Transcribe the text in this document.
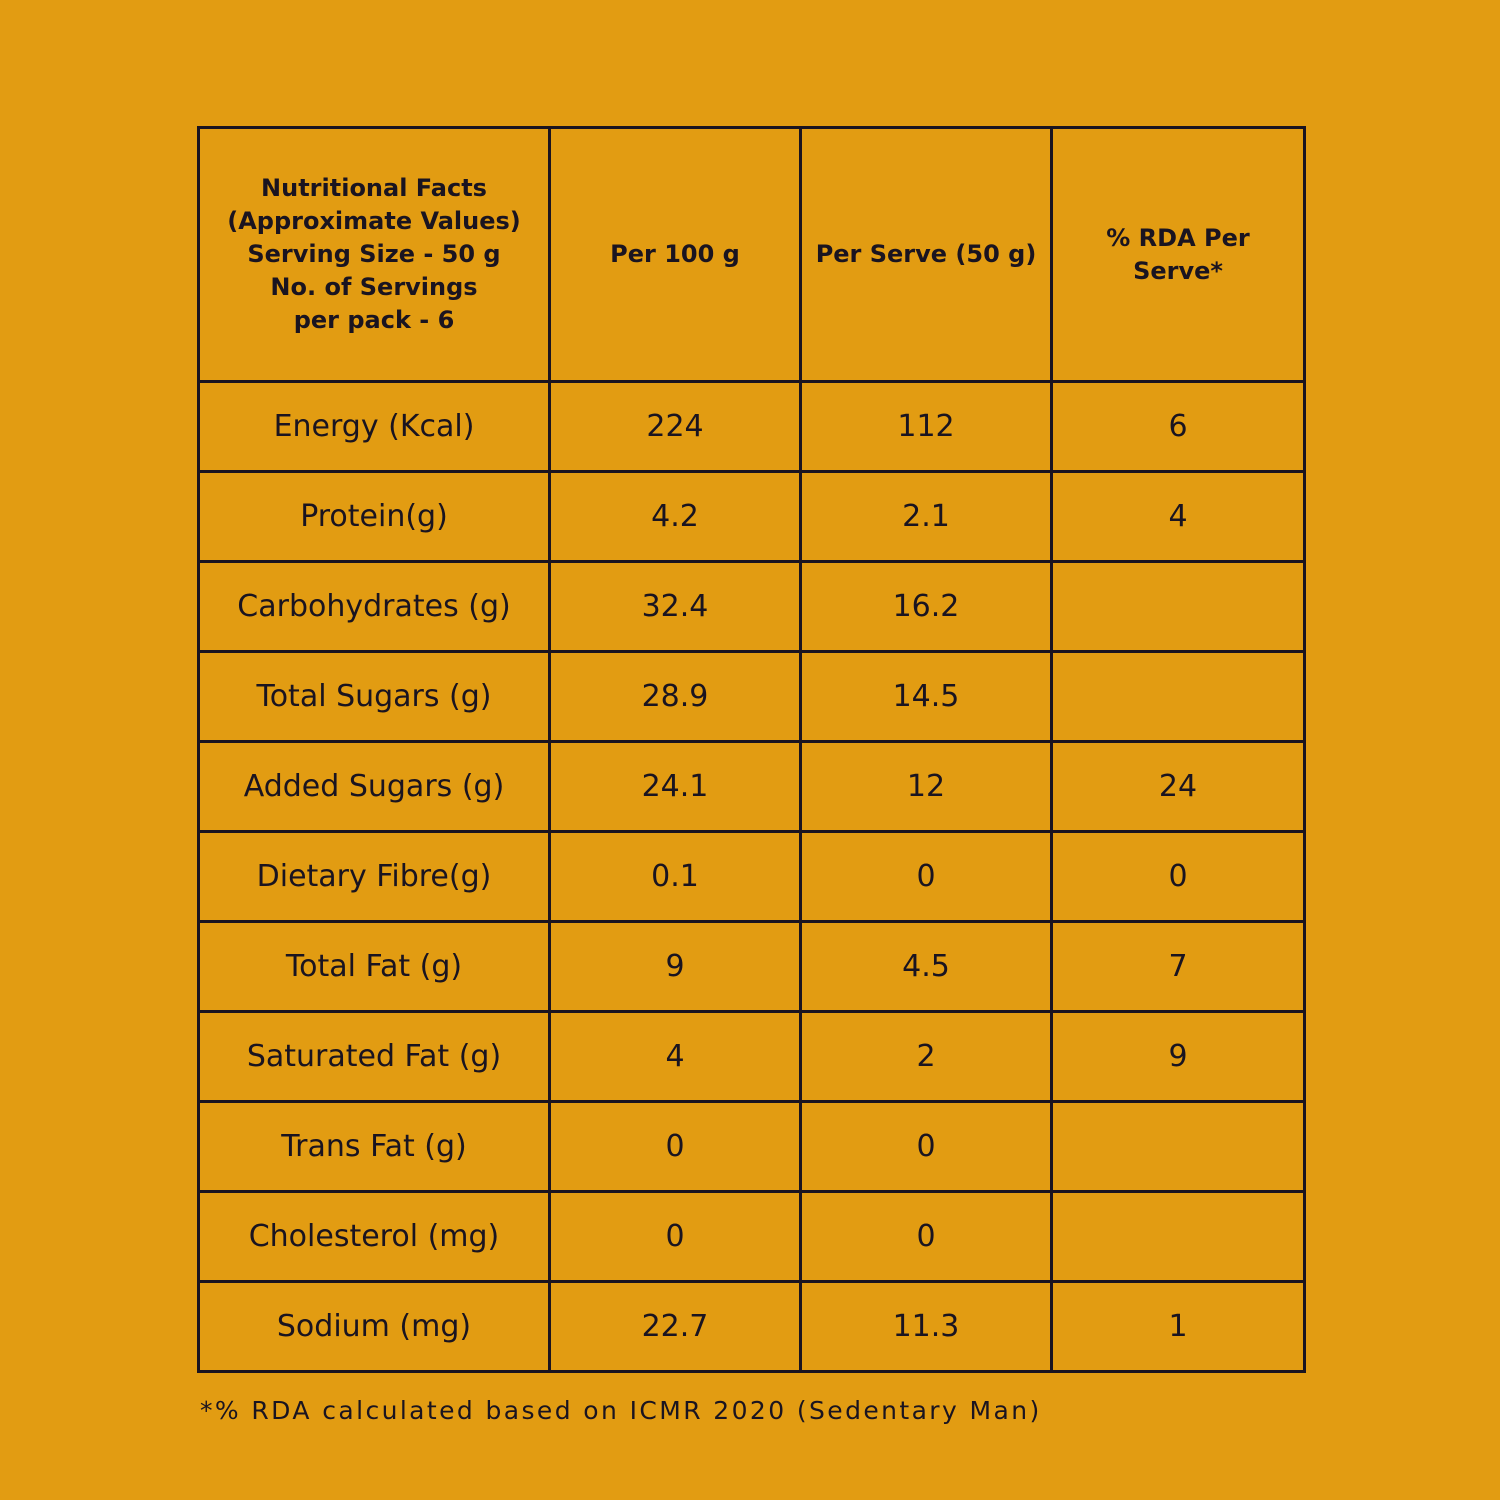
Nutritional Facts
(Approximate Values)
Serving Size - 50 g
No. of Servings
per pack - 6	Per 100 g	Per Serve (50 g)	% RDA Per
Serve*
Energy (Kcal)	224	112	6
Protein(g)	4.2	2.1	4
Carbohydrates (g)	32.4	16.2	
Total Sugars (g)	28.9	14.5	
Added Sugars (g)	24.1	12	24
Dietary Fibre(g)	0.1	0	0
Total Fat (g)	9	4.5	7
Saturated Fat (g)	4	2	9
Trans Fat (g)	0	0	
Cholesterol (mg)	0	0	
Sodium (mg)	22.7	11.3	1
*% RDA calculated based on ICMR 2020 (Sedentary Man)
